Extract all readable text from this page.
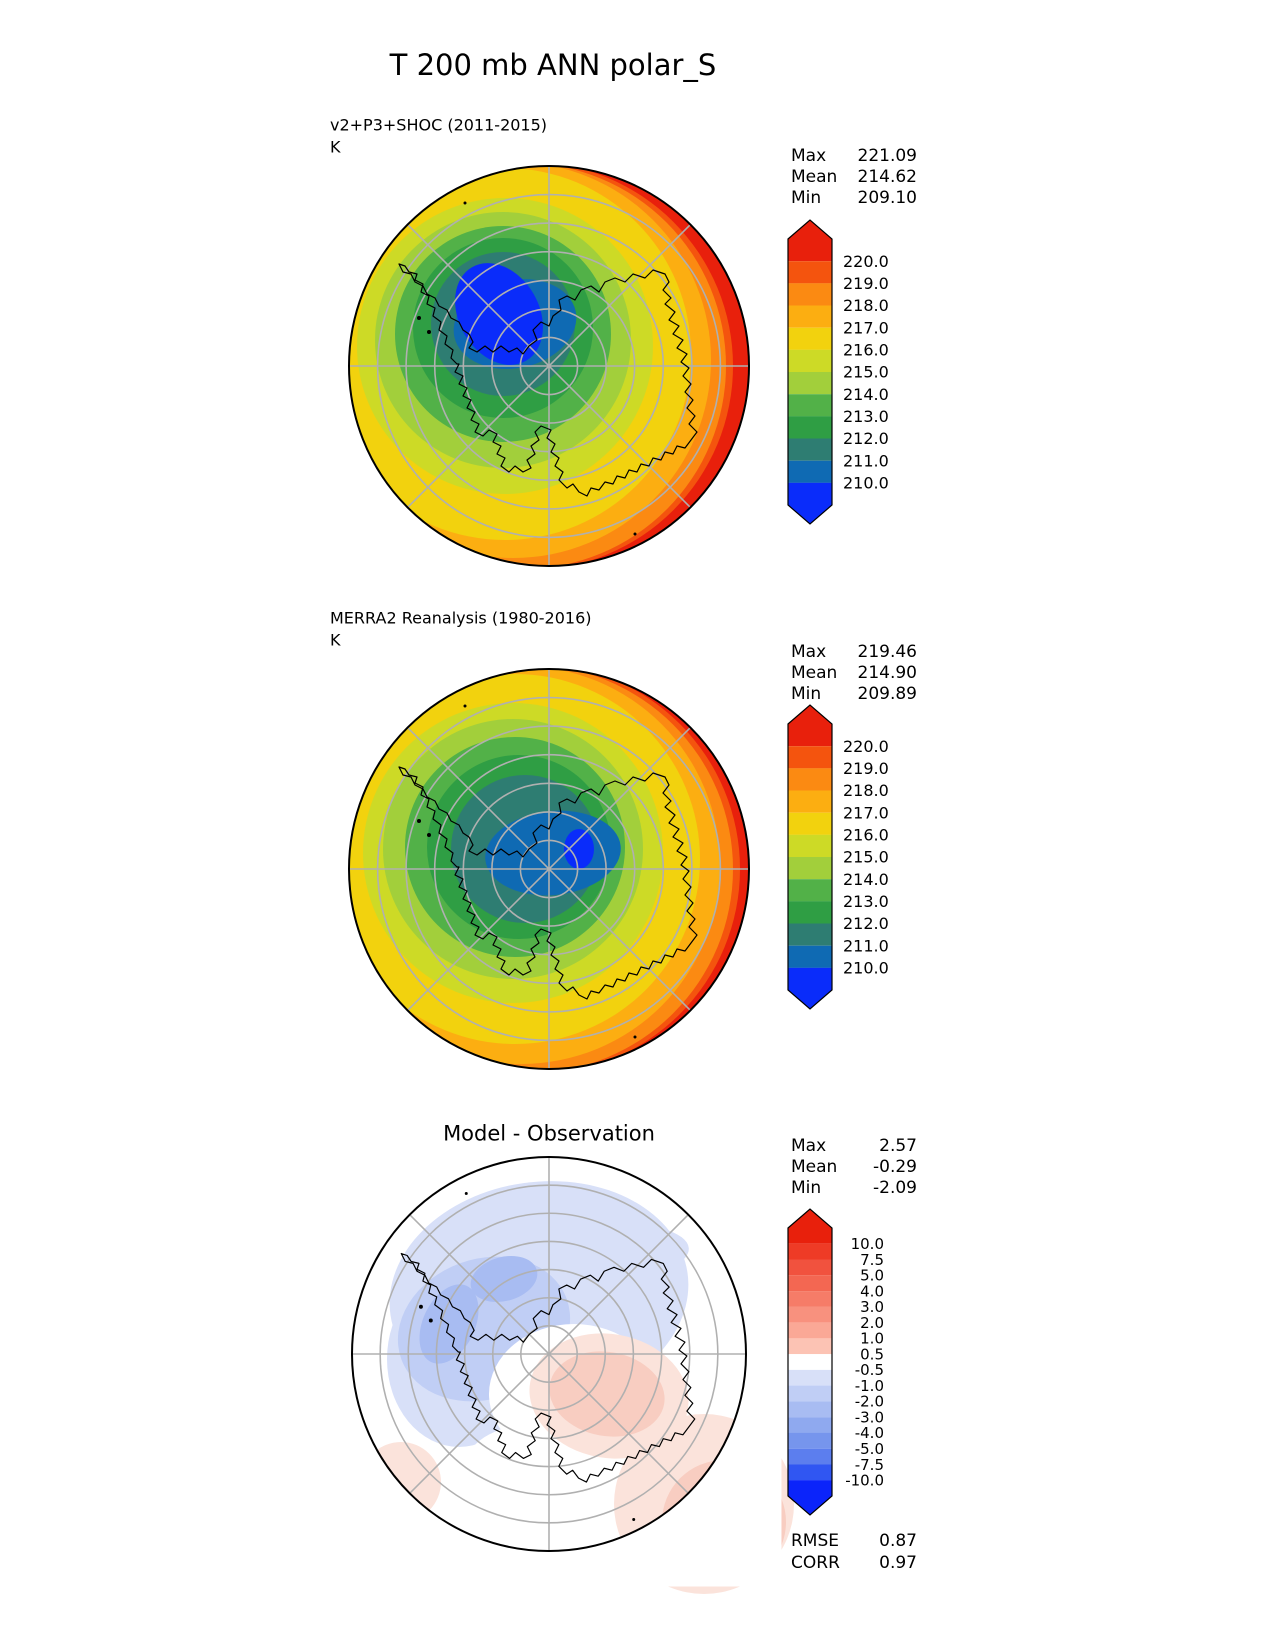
220.0
219.0
218.0
217.0
216.0
215.0
214.0
213.0
212.0
211.0
210.0
220.0
219.0
218.0
217.0
216.0
215.0
214.0
213.0
212.0
211.0
210.0
10.0
7.5
5.0
4.0
3.0
2.0
1.0
0.5
-0.5
-1.0
-2.0
-3.0
-4.0
-5.0
-7.5
-10.0
T 200 mb ANN polar_S
v2+P3+SHOC (2011-2015)
K	Max 221.09
Mean 214.62
Min 209.10
MERRA2 Reanalysis (1980-2016)
K
Max 219.46
Mean 214.90
Min 209.89
Model - Observation
Max	2.57
Mean -0.29
Min	-2.09
RMSE 0.87
CORR 0.97
